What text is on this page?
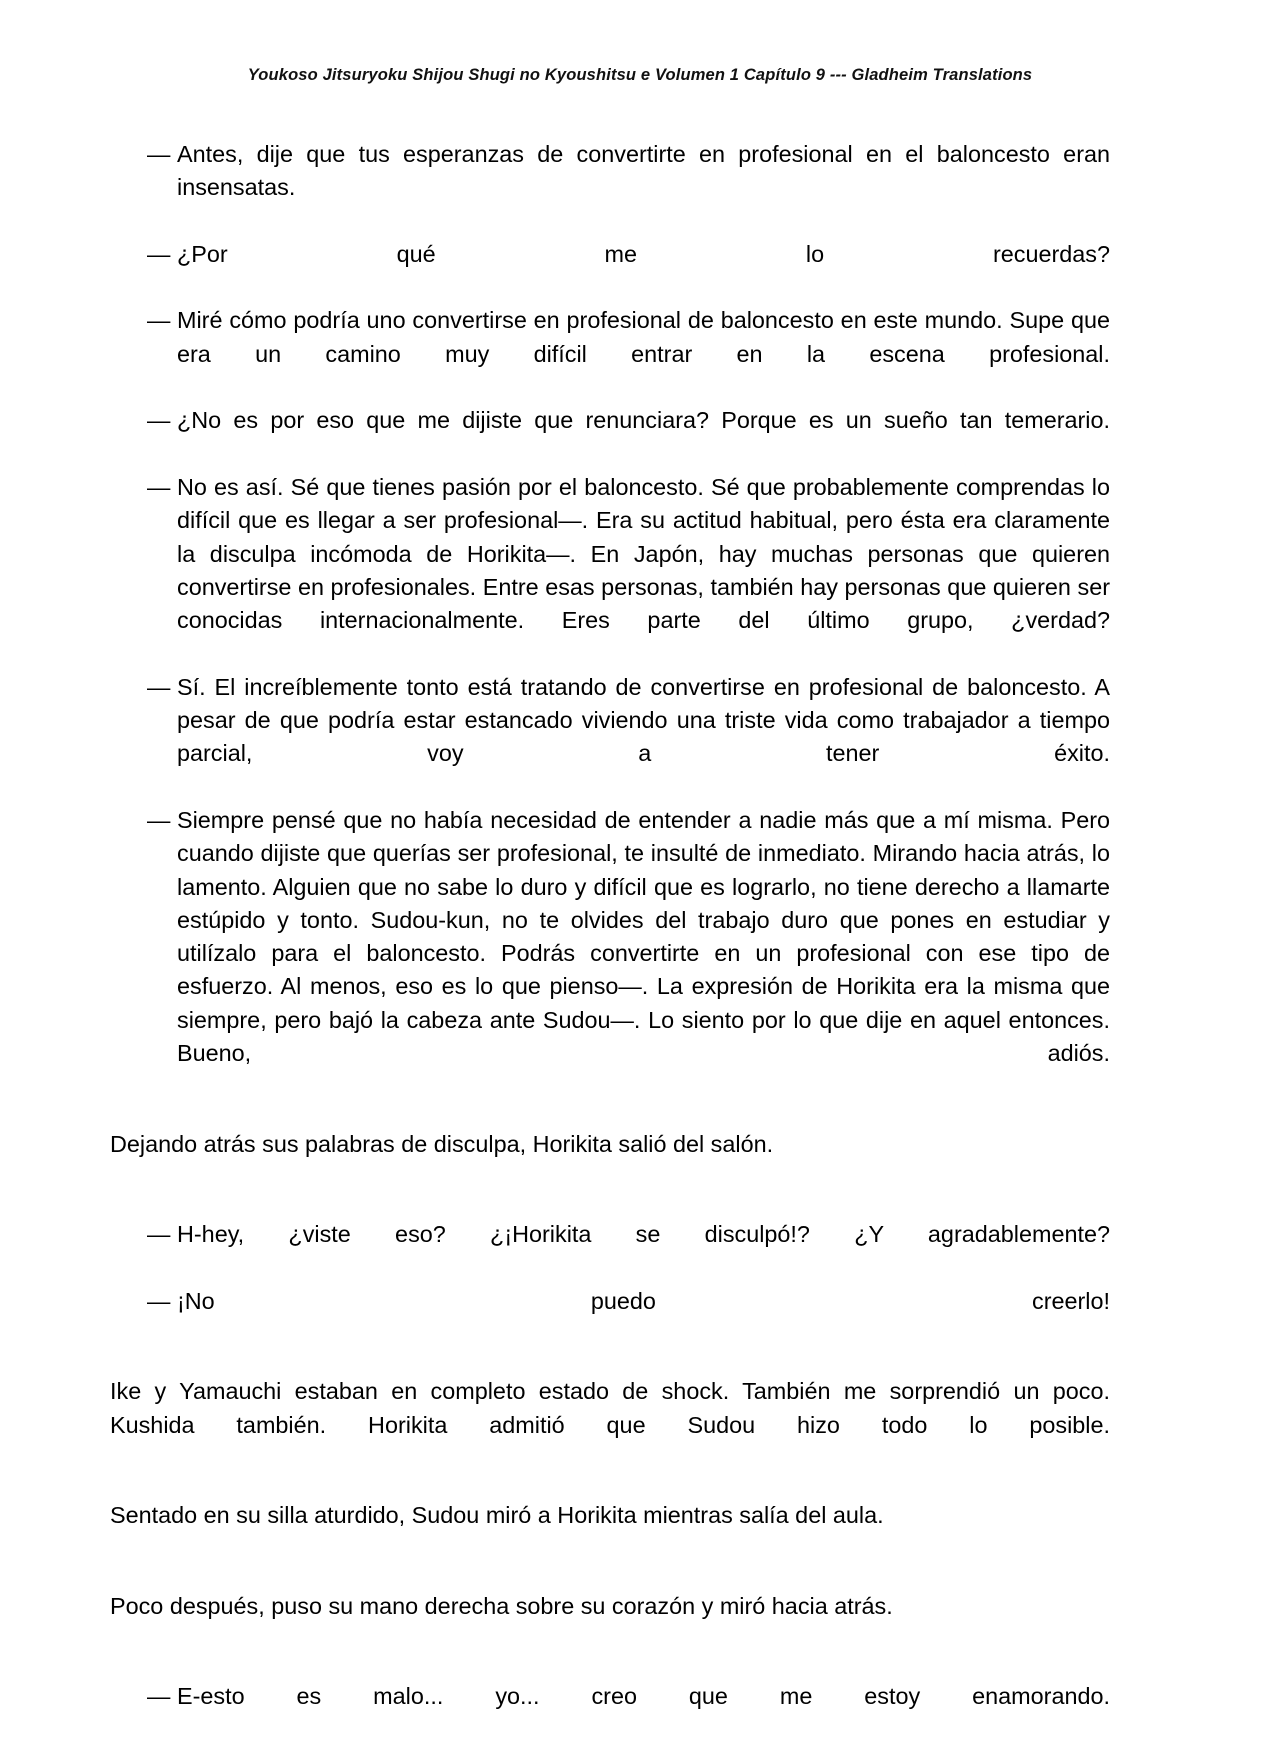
Youkoso Jitsuryoku Shijou Shugi no Kyoushitsu e Volumen 1 Capítulo 9 --- Gladheim Translations
— Antes, dije que tus esperanzas de convertirte en profesional en el baloncesto eran insensatas.
— ¿Por qué me lo recuerdas?
— Miré cómo podría uno convertirse en profesional de baloncesto en este mundo. Supe que era un camino muy difícil entrar en la escena profesional.
— ¿No es por eso que me dijiste que renunciara? Porque es un sueño tan temerario.
— No es así. Sé que tienes pasión por el baloncesto. Sé que probablemente comprendas lo difícil que es llegar a ser profesional—. Era su actitud habitual, pero ésta era claramente la disculpa incómoda de Horikita—. En Japón, hay muchas personas que quieren convertirse en profesionales. Entre esas personas, también hay personas que quieren ser conocidas internacionalmente. Eres parte del último grupo, ¿verdad?
— Sí. El increíblemente tonto está tratando de convertirse en profesional de baloncesto. A pesar de que podría estar estancado viviendo una triste vida como trabajador a tiempo parcial, voy a tener éxito.
— Siempre pensé que no había necesidad de entender a nadie más que a mí misma. Pero cuando dijiste que querías ser profesional, te insulté de inmediato. Mirando hacia atrás, lo lamento. Alguien que no sabe lo duro y difícil que es lograrlo, no tiene derecho a llamarte estúpido y tonto. Sudou-kun, no te olvides del trabajo duro que pones en estudiar y utilízalo para el baloncesto. Podrás convertirte en un profesional con ese tipo de esfuerzo. Al menos, eso es lo que pienso—. La expresión de Horikita era la misma que siempre, pero bajó la cabeza ante Sudou—. Lo siento por lo que dije en aquel entonces. Bueno, adiós.

Dejando atrás sus palabras de disculpa, Horikita salió del salón.

— H-hey, ¿viste eso? ¿¡Horikita se disculpó!? ¿Y agradablemente?
— ¡No puedo creerlo!

Ike y Yamauchi estaban en completo estado de shock. También me sorprendió un poco. Kushida también. Horikita admitió que Sudou hizo todo lo posible.

Sentado en su silla aturdido, Sudou miró a Horikita mientras salía del aula.

Poco después, puso su mano derecha sobre su corazón y miró hacia atrás.

— E-esto es malo... yo... creo que me estoy enamorando.
